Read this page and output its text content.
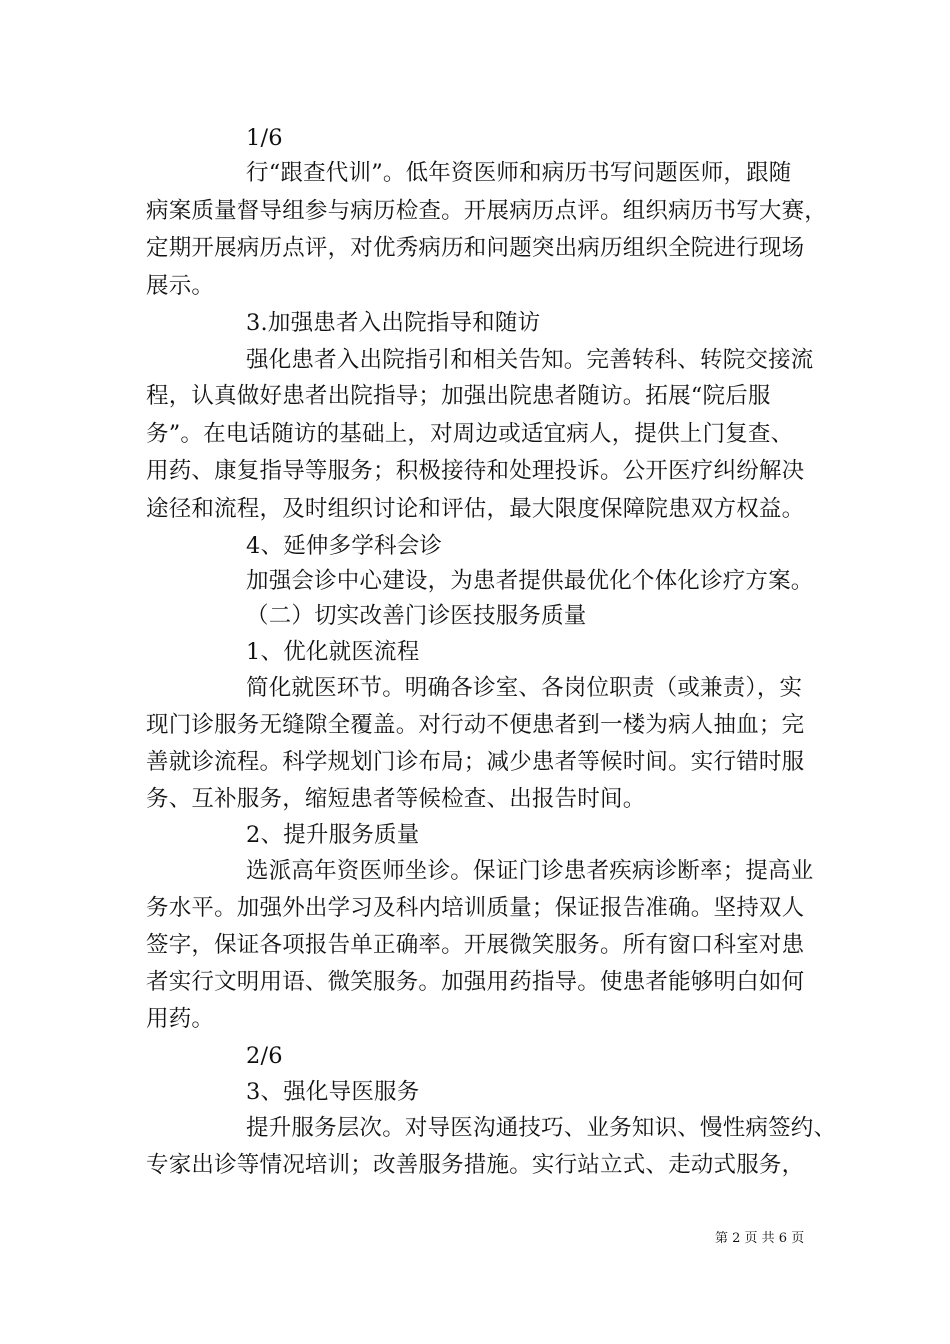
1/6
行“跟查代训”。低年资医师和病历书写问题医师，跟随
病案质量督导组参与病历检查。开展病历点评。组织病历书写大赛，
定期开展病历点评，对优秀病历和问题突出病历组织全院进行现场
展示。
3.加强患者入出院指导和随访
强化患者入出院指引和相关告知。完善转科、转院交接流
程，认真做好患者出院指导；加强出院患者随访。拓展“院后服
务”。在电话随访的基础上，对周边或适宜病人，提供上门复查、
用药、康复指导等服务；积极接待和处理投诉。公开医疗纠纷解决
途径和流程，及时组织讨论和评估，最大限度保障院患双方权益。
4、延伸多学科会诊
加强会诊中心建设，为患者提供最优化个体化诊疗方案。
（二）切实改善门诊医技服务质量
1、优化就医流程
简化就医环节。明确各诊室、各岗位职责（或兼责），实
现门诊服务无缝隙全覆盖。对行动不便患者到一楼为病人抽血；完
善就诊流程。科学规划门诊布局；减少患者等候时间。实行错时服
务、互补服务，缩短患者等候检查、出报告时间。
2、提升服务质量
选派高年资医师坐诊。保证门诊患者疾病诊断率；提高业
务水平。加强外出学习及科内培训质量；保证报告准确。坚持双人
签字，保证各项报告单正确率。开展微笑服务。所有窗口科室对患
者实行文明用语、微笑服务。加强用药指导。使患者能够明白如何
用药。
2/6
3、强化导医服务
提升服务层次。对导医沟通技巧、业务知识、慢性病签约、
专家出诊等情况培训；改善服务措施。实行站立式、走动式服务，
第 2 页 共 6 页
